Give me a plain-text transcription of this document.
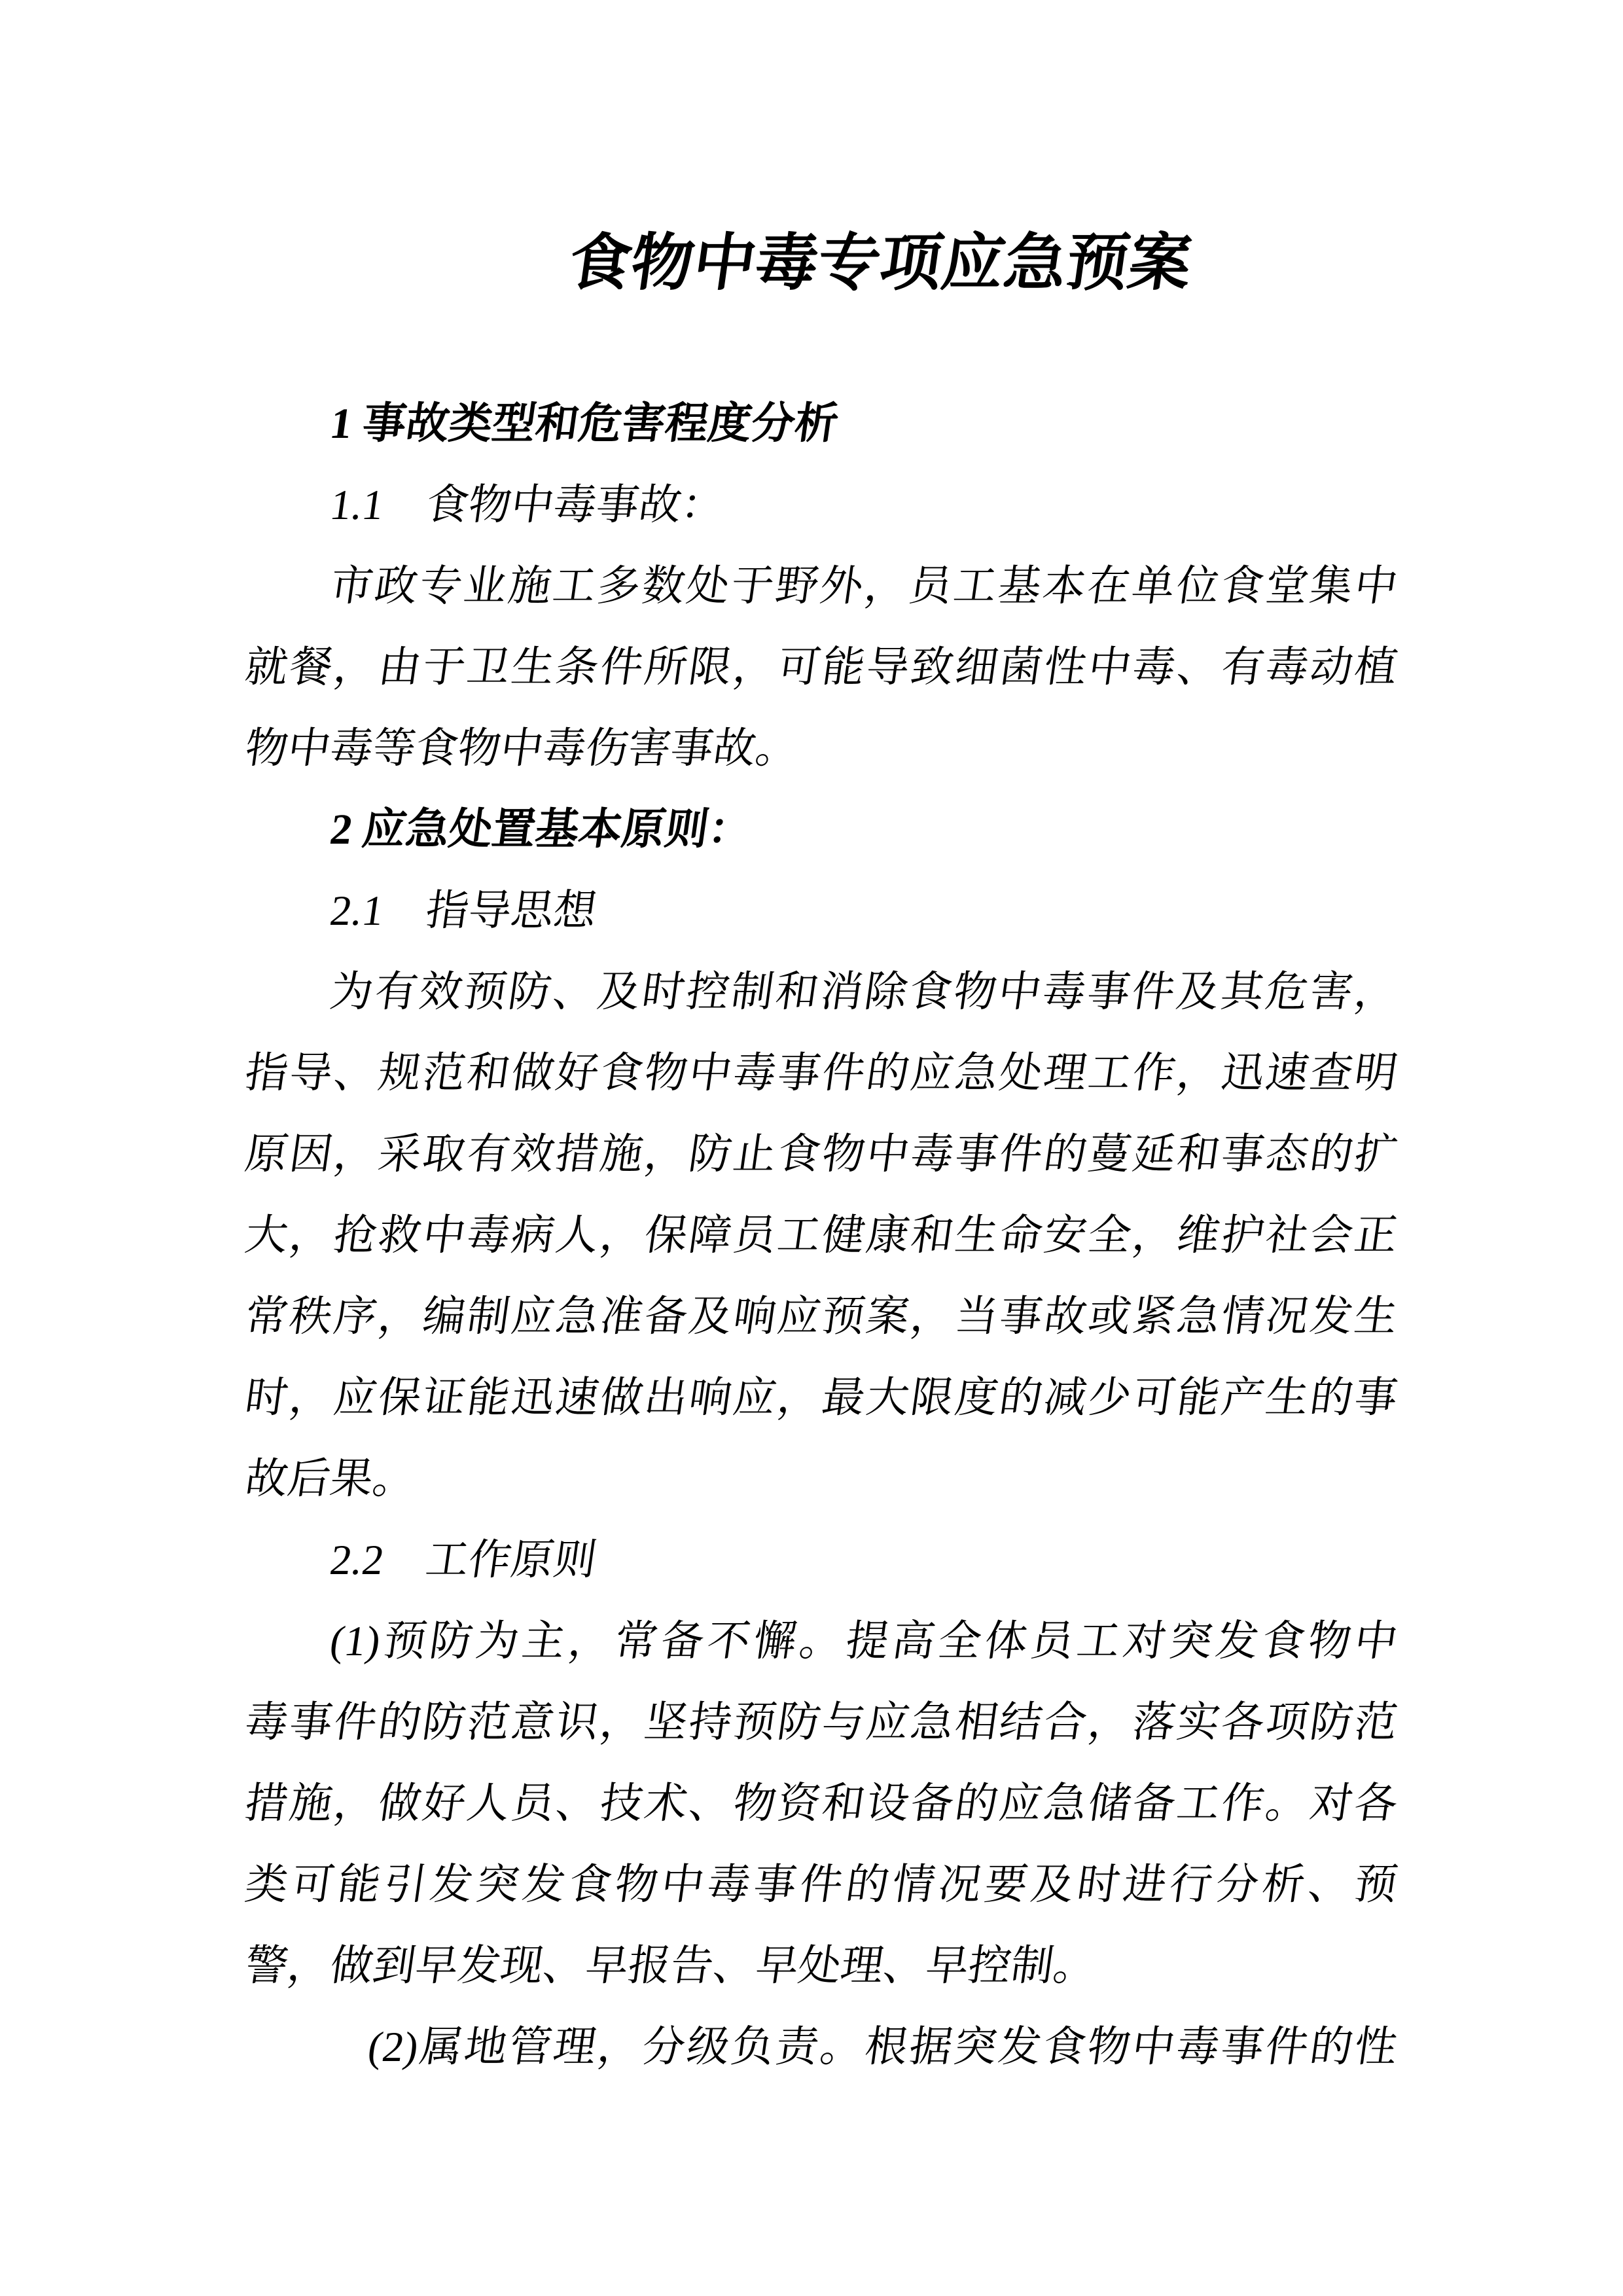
食物中毒专项应急预案
1 事故类型和危害程度分析
1.1　食物中毒事故：
市政专业施工多数处于野外，员工基本在单位食堂集中
就餐，由于卫生条件所限，可能导致细菌性中毒、有毒动植
物中毒等食物中毒伤害事故。
2 应急处置基本原则：
2.1　指导思想
为有效预防、及时控制和消除食物中毒事件及其危害，
指导、规范和做好食物中毒事件的应急处理工作，迅速查明
原因，采取有效措施，防止食物中毒事件的蔓延和事态的扩
大，抢救中毒病人，保障员工健康和生命安全，维护社会正
常秩序，编制应急准备及响应预案，当事故或紧急情况发生
时，应保证能迅速做出响应，最大限度的减少可能产生的事
故后果。
2.2　工作原则
(1)预防为主，常备不懈。提高全体员工对突发食物中
毒事件的防范意识，坚持预防与应急相结合，落实各项防范
措施，做好人员、技术、物资和设备的应急储备工作。对各
类可能引发突发食物中毒事件的情况要及时进行分析、预
警，做到早发现、早报告、早处理、早控制。
(2)属地管理，分级负责。根据突发食物中毒事件的性
